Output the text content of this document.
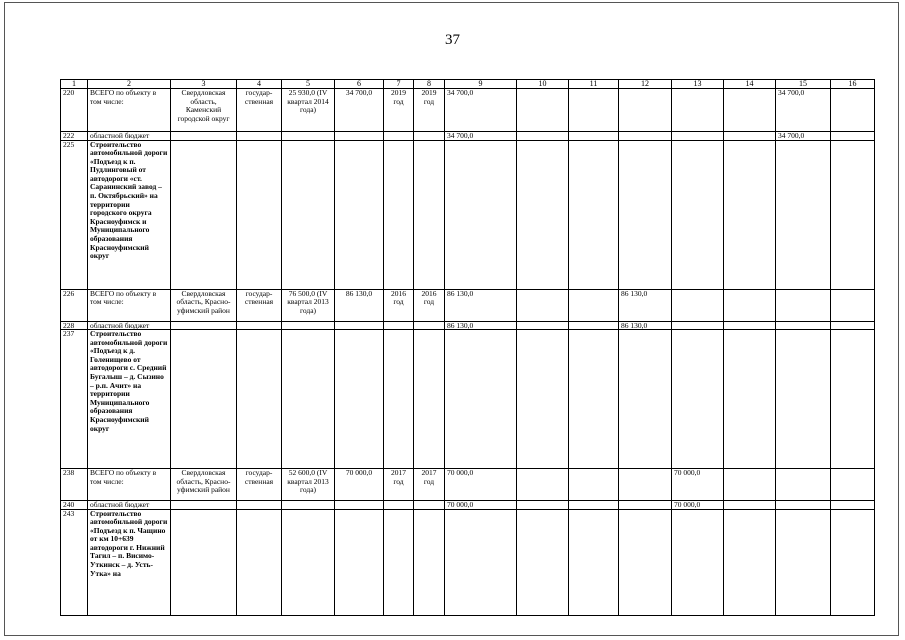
37
1	2	3	4	5	6	7	8	9	10	11	12	13	14	15	16
220	ВСЕГО по объекту в том числе:	Свердловская область, Каменский городской округ	государ-ственная	25 930,0 (IV квартал 2014 года)	34 700,0	2019 год	2019 год	34 700,0						34 700,0	
222	областной бюджет							34 700,0						34 700,0	
225	Строительство автомобильной дороги «Подъезд к п. Пудлинговый от автодороги «ст. Саранинский завод – п. Октябрьский» на территории городского округа Красноуфимск и Муниципального образования Красноуфимский округ														
226	ВСЕГО по объекту в том числе:	Свердловская область, Красно-уфимский район	государ-ственная	76 500,0 (IV квартал 2013 года)	86 130,0	2016 год	2016 год	86 130,0			86 130,0				
228	областной бюджет							86 130,0			86 130,0				
237	Строительство автомобильной дороги «Подъезд к д. Голенищево от автодороги с. Средний Бугалыш – д. Сызино – р.п. Ачит» на территории Муниципального образования Красноуфимский округ														
238	ВСЕГО по объекту в том числе:	Свердловская область, Красно-уфимский район	государ-ственная	52 600,0 (IV квартал 2013 года)	70 000,0	2017 год	2017 год	70 000,0				70 000,0			
240	областной бюджет							70 000,0				70 000,0			
243	Строительство автомобильной дороги «Подъезд к п. Чащино от км 10+639 автодороги г. Нижний Тагил – п. Висимо-Уткинск – д. Усть-Утка» на														
